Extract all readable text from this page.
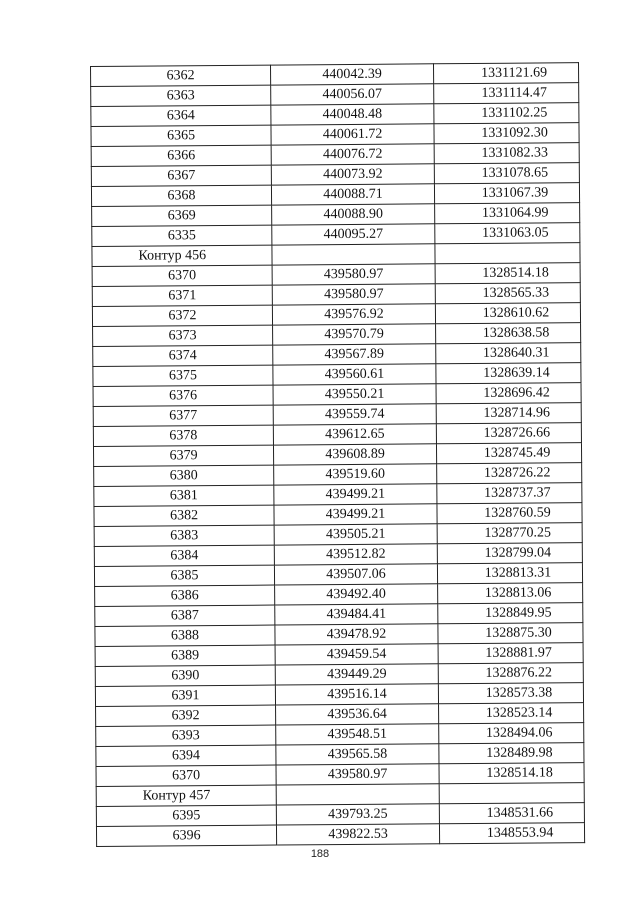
6362	440042.39	1331121.69
6363	440056.07	1331114.47
6364	440048.48	1331102.25
6365	440061.72	1331092.30
6366	440076.72	1331082.33
6367	440073.92	1331078.65
6368	440088.71	1331067.39
6369	440088.90	1331064.99
6335	440095.27	1331063.05
Контур 456		
6370	439580.97	1328514.18
6371	439580.97	1328565.33
6372	439576.92	1328610.62
6373	439570.79	1328638.58
6374	439567.89	1328640.31
6375	439560.61	1328639.14
6376	439550.21	1328696.42
6377	439559.74	1328714.96
6378	439612.65	1328726.66
6379	439608.89	1328745.49
6380	439519.60	1328726.22
6381	439499.21	1328737.37
6382	439499.21	1328760.59
6383	439505.21	1328770.25
6384	439512.82	1328799.04
6385	439507.06	1328813.31
6386	439492.40	1328813.06
6387	439484.41	1328849.95
6388	439478.92	1328875.30
6389	439459.54	1328881.97
6390	439449.29	1328876.22
6391	439516.14	1328573.38
6392	439536.64	1328523.14
6393	439548.51	1328494.06
6394	439565.58	1328489.98
6370	439580.97	1328514.18
Контур 457		
6395	439793.25	1348531.66
6396	439822.53	1348553.94
188
